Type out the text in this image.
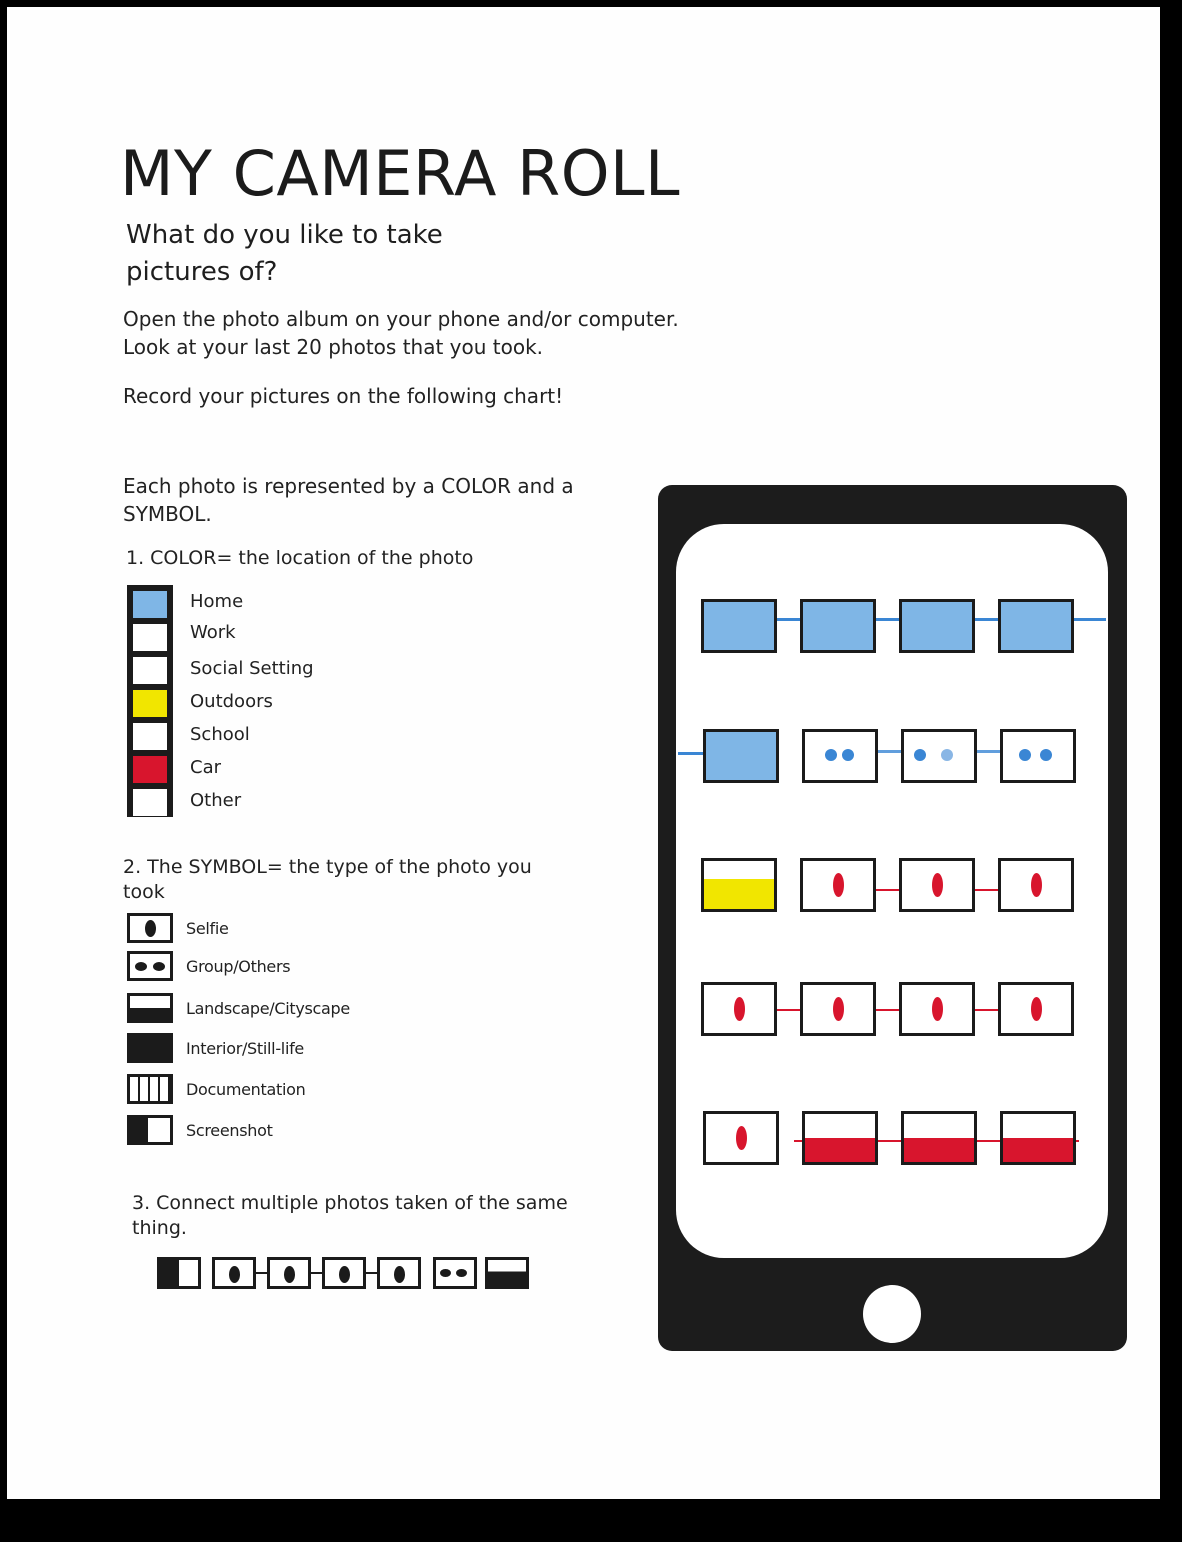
MY CAMERA ROLL
What do you like to take pictures of?

Open the photo album on your phone and/or computer.

Look at your last 20 photos that you took.

Record your pictures on the following chart!
Each photo is represented by a COLOR and a SYMBOL.
1. COLOR= the location of the photo
Home
Work
Social Setting
Outdoors
School
Car
Other
2. The SYMBOL= the type of the photo you took
Selfie
Group/Others
Landscape/Cityscape
Interior/Still-life
Documentation
Screenshot
3. Connect multiple photos taken of the same thing.
